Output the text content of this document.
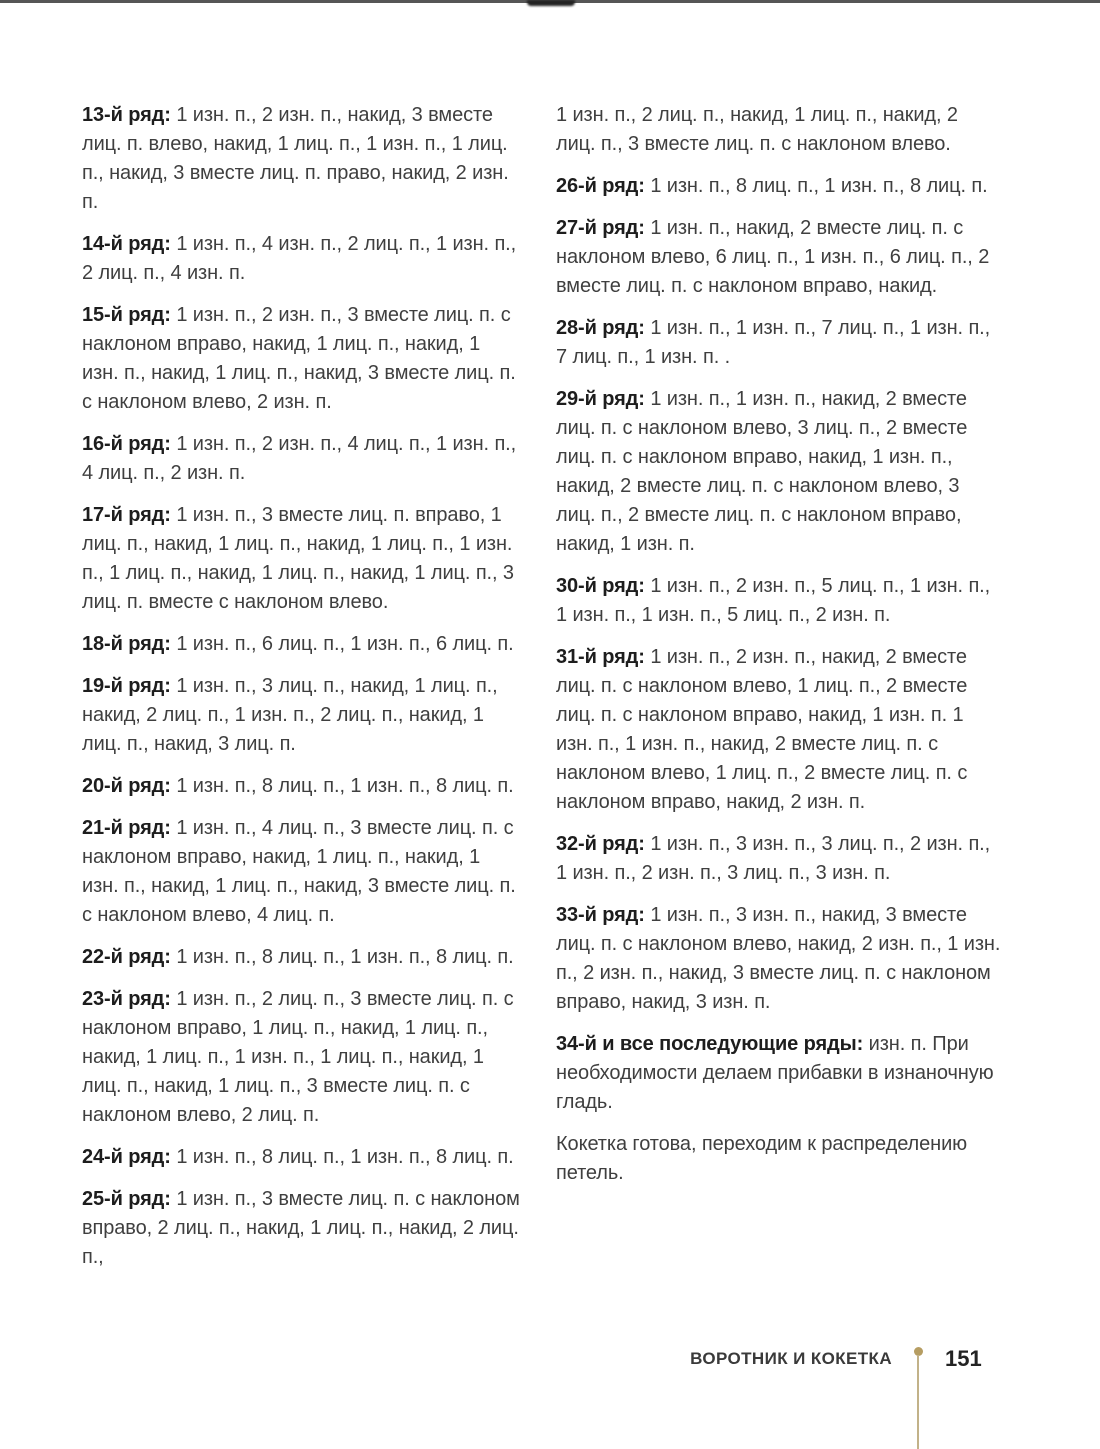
13-й ряд: 1 изн. п., 2 изн. п., накид, 3 вместе лиц. п. влево, накид, 1 лиц. п., 1 изн. п., 1 лиц. п., накид, 3 вместе лиц. п. право, накид, 2 изн. п.

14-й ряд: 1 изн. п., 4 изн. п., 2 лиц. п., 1 изн. п., 2 лиц. п., 4 изн. п.

15-й ряд: 1 изн. п., 2 изн. п., 3 вместе лиц. п. с наклоном вправо, накид, 1 лиц. п., накид, 1 изн. п., накид, 1 лиц. п., накид, 3 вместе лиц. п. с наклоном влево, 2 изн. п.

16-й ряд: 1 изн. п., 2 изн. п., 4 лиц. п., 1 изн. п., 4 лиц. п., 2 изн. п.

17-й ряд: 1 изн. п., 3 вместе лиц. п. вправо, 1 лиц. п., накид, 1 лиц. п., накид, 1 лиц. п., 1 изн. п., 1 лиц. п., накид, 1 лиц. п., накид, 1 лиц. п., 3 лиц. п. вместе с наклоном влево.

18-й ряд: 1 изн. п., 6 лиц. п., 1 изн. п., 6 лиц. п.

19-й ряд: 1 изн. п., 3 лиц. п., накид, 1 лиц. п., накид, 2 лиц. п., 1 изн. п., 2 лиц. п., накид, 1 лиц. п., накид, 3 лиц. п.

20-й ряд: 1 изн. п., 8 лиц. п., 1 изн. п., 8 лиц. п.

21-й ряд: 1 изн. п., 4 лиц. п., 3 вместе лиц. п. с наклоном вправо, накид, 1 лиц. п., накид, 1 изн. п., накид, 1 лиц. п., накид, 3 вместе лиц. п. с наклоном влево, 4 лиц. п.

22-й ряд: 1 изн. п., 8 лиц. п., 1 изн. п., 8 лиц. п.

23-й ряд: 1 изн. п., 2 лиц. п., 3 вместе лиц. п. с наклоном вправо, 1 лиц. п., накид, 1 лиц. п., накид, 1 лиц. п., 1 изн. п., 1 лиц. п., накид, 1 лиц. п., накид, 1 лиц. п., 3 вместе лиц. п. с наклоном влево, 2 лиц. п.

24-й ряд: 1 изн. п., 8 лиц. п., 1 изн. п., 8 лиц. п.

25-й ряд: 1 изн. п., 3 вместе лиц. п. с наклоном вправо, 2 лиц. п., накид, 1 лиц. п., накид, 2 лиц. п.,

1 изн. п., 2 лиц. п., накид, 1 лиц. п., накид, 2 лиц. п., 3 вместе лиц. п. с наклоном влево.

26-й ряд: 1 изн. п., 8 лиц. п., 1 изн. п., 8 лиц. п.

27-й ряд: 1 изн. п., накид, 2 вместе лиц. п. с наклоном влево, 6 лиц. п., 1 изн. п., 6 лиц. п., 2 вместе лиц. п. с наклоном вправо, накид.

28-й ряд: 1 изн. п., 1 изн. п., 7 лиц. п., 1 изн. п., 7 лиц. п., 1 изн. п. .

29-й ряд: 1 изн. п., 1 изн. п., накид, 2 вместе лиц. п. с наклоном влево, 3 лиц. п., 2 вместе лиц. п. с наклоном вправо, накид, 1 изн. п., накид, 2 вместе лиц. п. с наклоном влево, 3 лиц. п., 2 вместе лиц. п. с наклоном вправо, накид, 1 изн. п.

30-й ряд: 1 изн. п., 2 изн. п., 5 лиц. п., 1 изн. п., 1 изн. п., 1 изн. п., 5 лиц. п., 2 изн. п.

31-й ряд: 1 изн. п., 2 изн. п., накид, 2 вместе лиц. п. с наклоном влево, 1 лиц. п., 2 вместе лиц. п. с наклоном вправо, накид, 1 изн. п. 1 изн. п., 1 изн. п., накид, 2 вместе лиц. п. с наклоном влево, 1 лиц. п., 2 вместе лиц. п. с наклоном вправо, накид, 2 изн. п.

32-й ряд: 1 изн. п., 3 изн. п., 3 лиц. п., 2 изн. п., 1 изн. п., 2 изн. п., 3 лиц. п., 3 изн. п.

33-й ряд: 1 изн. п., 3 изн. п., накид, 3 вместе лиц. п. с наклоном влево, накид, 2 изн. п., 1 изн. п., 2 изн. п., накид, 3 вместе лиц. п. с наклоном вправо, накид, 3 изн. п.

34-й и все последующие ряды: изн. п. При необходимости делаем прибавки в изнаночную гладь.

Кокетка готова, переходим к распределению петель.

ВОРОТНИК И КОКЕТКА 151
